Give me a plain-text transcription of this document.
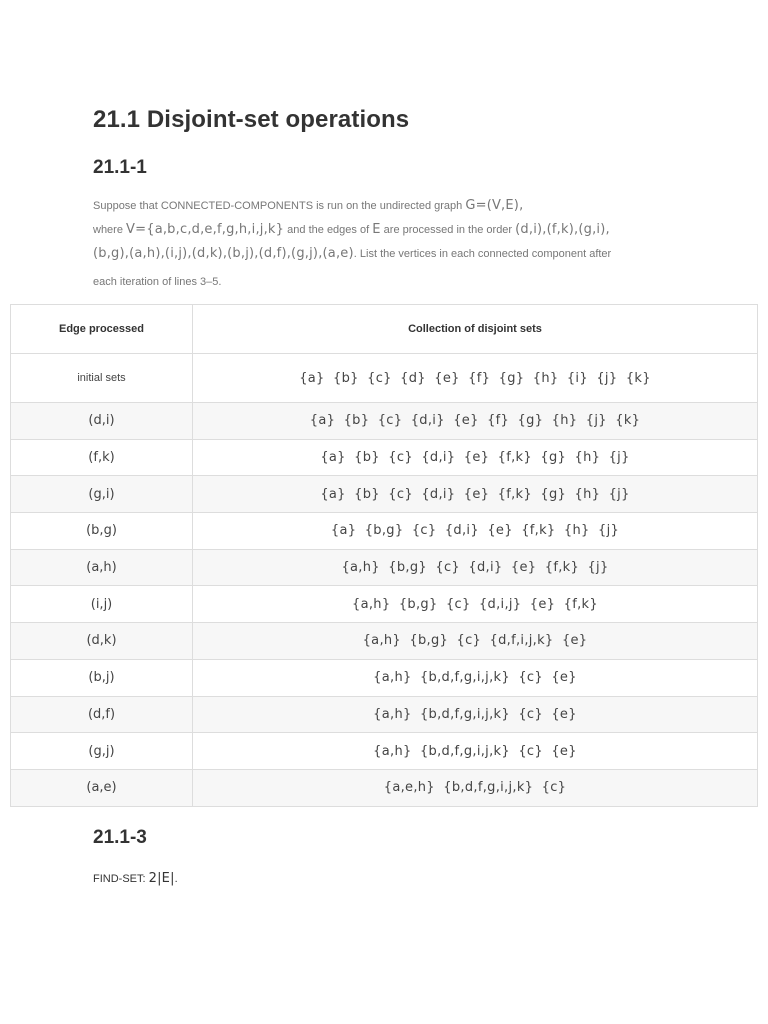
21.1 Disjoint-set operations
21.1-1
Suppose that CONNECTED-COMPONENTS is run on the undirected graph G=(V,E),
where V={a,b,c,d,e,f,g,h,i,j,k} and the edges of E are processed in the order (d,i),(f,k),(g,i),
(b,g),(a,h),(i,j),(d,k),(b,j),(d,f),(g,j),(a,e). List the vertices in each connected component after
each iteration of lines 3–5.
Edge processed	Collection of disjoint sets
initial sets	{a} {b} {c} {d} {e} {f} {g} {h} {i} {j} {k}
(d,i)	{a} {b} {c} {d,i} {e} {f} {g} {h} {j} {k}
(f,k)	{a} {b} {c} {d,i} {e} {f,k} {g} {h} {j}
(g,i)	{a} {b} {c} {d,i} {e} {f,k} {g} {h} {j}
(b,g)	{a} {b,g} {c} {d,i} {e} {f,k} {h} {j}
(a,h)	{a,h} {b,g} {c} {d,i} {e} {f,k} {j}
(i,j)	{a,h} {b,g} {c} {d,i,j} {e} {f,k}
(d,k)	{a,h} {b,g} {c} {d,f,i,j,k} {e}
(b,j)	{a,h} {b,d,f,g,i,j,k} {c} {e}
(d,f)	{a,h} {b,d,f,g,i,j,k} {c} {e}
(g,j)	{a,h} {b,d,f,g,i,j,k} {c} {e}
(a,e)	{a,e,h} {b,d,f,g,i,j,k} {c}
21.1-3
FIND-SET: 2|E|.
